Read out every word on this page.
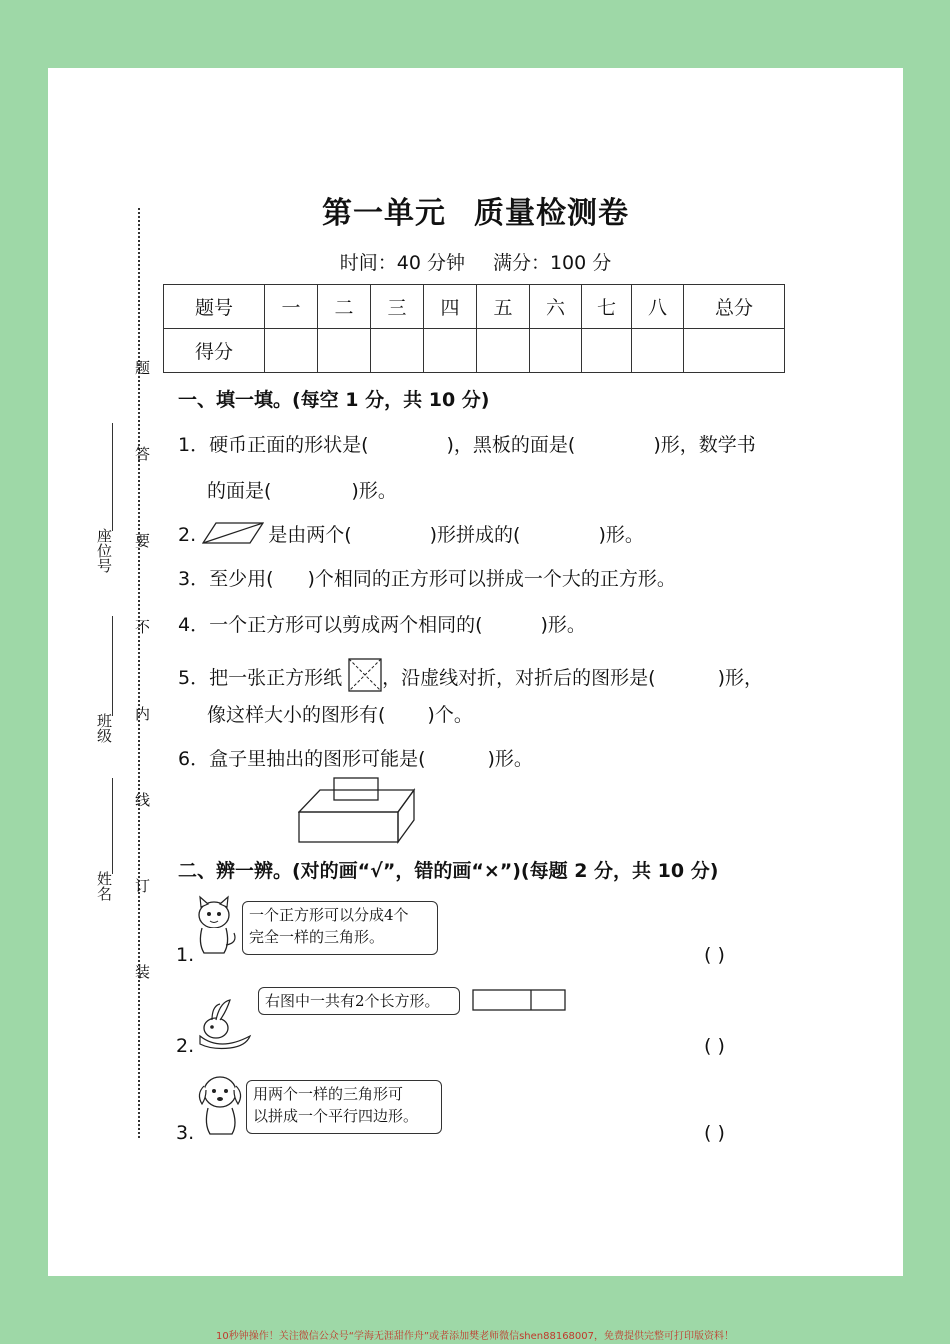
第一单元 质量检测卷
时间：40 分钟 满分：100 分
题号	一	二	三	四	五	六	七	八	总分
得分									
题
答
要
不
内
线
订
装
座位号
班级
姓名
一、填一填。(每空 1 分，共 10 分)
1．硬币正面的形状是(	)，黑板的面是(	)形，数学书
的面是(	)形。
2.	是由两个(	)形拼成的(	)形。
3．至少用( )个相同的正方形可以拼成一个大的正方形。
4．一个正方形可以剪成两个相同的(	)形。
5．把一张正方形纸 ，沿虚线对折，对折后的图形是(	)形，
像这样大小的图形有( )个。
6．盒子里抽出的图形可能是(	)形。
二、辨一辨。(对的画“√”，错的画“×”)(每题 2 分，共 10 分)
一个正方形可以分成4个
完全一样的三角形。
1.	( )
右图中一共有2个长方形。
2.	( )
用两个一样的三角形可
以拼成一个平行四边形。
3.	( )
10秒钟操作！关注微信公众号“学海无涯甜作舟”或者添加樊老师微信shen88168007，免费提供完整可打印版资料！
